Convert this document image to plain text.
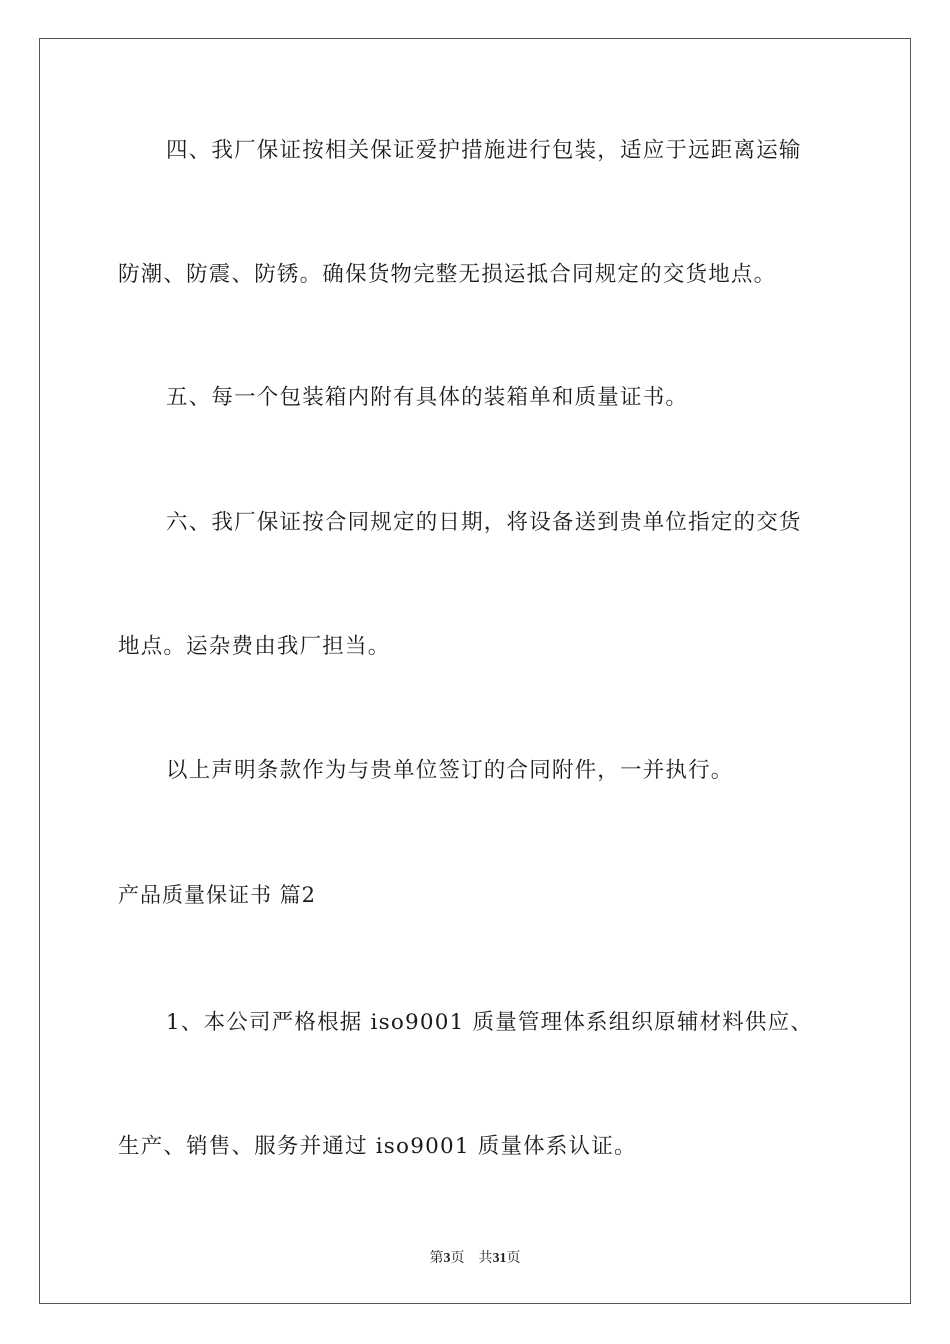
四、我厂保证按相关保证爱护措施进行包装，适应于远距离运输
防潮、防震、防锈。确保货物完整无损运抵合同规定的交货地点。
五、每一个包装箱内附有具体的装箱单和质量证书。
六、我厂保证按合同规定的日期，将设备送到贵单位指定的交货
地点。运杂费由我厂担当。
以上声明条款作为与贵单位签订的合同附件，一并执行。
产品质量保证书 篇2
1、本公司严格根据 iso9001 质量管理体系组织原辅材料供应、
生产、销售、服务并通过 iso9001 质量体系认证。
第3页 共31页
